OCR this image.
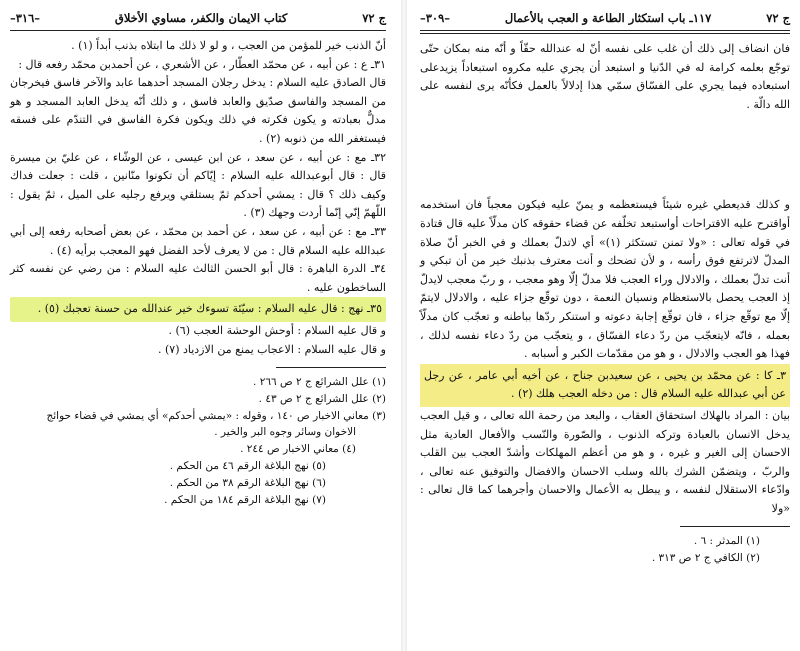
ج ٧٢
كتاب الايمان والكفر، مساوي الأخلاق
–٣١٦–

أنّ الذنب خير للمؤمن من العجب ، و لو لا ذلك ما ابتلاه بذنب أبداً (١) .

٣١ـ ع : عن أبيه ، عن محمّد العطّار ، عن الأشعري ، عن أحمدبن محمّد رفعه قال :

قال الصادق عليه السلام : يدخل رجلان المسجد أحدهما عابد والآخر فاسق فيخرجان من المسجد والفاسق صدّيق والعابد فاسق ، و ذلك أنّه يدخل العابد المسجد و هو مدلٌّ بعبادته و يكون فكرته في ذلك ويكون فكرة الفاسق في التندّم على فسقه فيستغفر الله من ذنوبه (٢) .

٣٢ـ مع : عن أبيه ، عن سعد ، عن ابن عيسى ، عن الوشّاء ، عن عليّ بن ميسرة قال : قال أبوعبدالله عليه السلام : إيّاكم أن تكونوا منّانين ، قلت : جعلت فداك وكيف ذلك ؟ قال : يمشي أحدكم ثمّ يستلقي ويرفع رجليه على الميل ، ثمّ يقول : اللّهمّ إنّي إنّما أردت وجهك (٣) .

٣٣ـ مع : عن أبيه ، عن سعد ، عن أحمد بن محمّد ، عن بعض أصحابه رفعه إلى أبي عبدالله عليه السلام قال : من لا يعرف لأحد الفضل فهو المعجب برأيه (٤) .

٣٤ـ الدرة الباهرة : قال أبو الحسن الثالث عليه السلام : من رضي عن نفسه كثر الساخطون عليه .

٣٥ـ نهج : قال عليه السلام : سيّئة تسوءك خير عندالله من حسنة تعجبك (٥) .

و قال عليه السلام : أوحش الوحشة العجب (٦) .

و قال عليه السلام : الاعجاب يمنع من الازدياد (٧) .

(١) علل الشرائع ج ٢ ص ٢٦٦ .
(٢) علل الشرائع ج ٢ ص ٤٣ .
(٣) معاني الاخبار ص ١٤٠ ، وقوله : «يمشي أحدكم» أي يمشي في قضاء حوائج
الاخوان وسائر وجوه البر والخير .
(٤) معاني الاخبار ص ٢٤٤ .
(٥) نهج البلاغة الرقم ٤٦ من الحكم .
(٦) نهج البلاغة الرقم ٣٨ من الحكم .
(٧) نهج البلاغة الرقم ١٨٤ من الحكم .
ج ٧٢
١١٧ـ باب استكثار الطاعة و العجب بالأعمال
–٣٠٩–

فان انضاف إلى ذلك أن غلب على نفسه أنّ له عندالله حقّاً و أنّه منه بمكان حتّى توجّع بعلمه كرامة له في الدّنيا و استبعد أن يجري عليه مكروه استبعاداً يزيدعلى استبعاده فيما يجري على الفسّاق سمّي هذا إدلالاً بالعمل فكأنّه يرى لنفسه على الله دالّة .

و كذلك قديعطي غيره شيئاً فيستعظمه و يمنّ عليه فيكون معجباً فان استخدمه أواقترح عليه الاقتراحات أواستبعد تخلّفه عن قضاء حقوقه كان مدلّاً عليه قال قتادة في قوله تعالى : «ولا تمنن تستكثر (١)» أي لاتدلّ بعملك و في الخبر أنّ صلاة المدلّ لاترتفع فوق رأسه ، و لأن تضحك و أنت معترف بذنبك خير من أن تبكي و أنت تدلّ بعملك ، والادلال وراء العجب فلا مدلّ إلّا وهو معجب ، و ربّ معجب لايدلّ إذ العجب يحصل بالاستعظام ونسيان النعمة ، دون توقّع جزاء عليه ، والادلال لايتمّ إلّا مع توقّع جزاء ، فان توقّع إجابة دعوته و استنكر ردّها بباطنه و تعجّب كان مدلّاً بعمله ، فانّه لايتعجّب من ردّ دعاء الفسّاق ، و يتعجّب من ردّ دعاء نفسه لذلك ، فهذا هو العجب والادلال ، و هو من مقدّمات الكبر و أسبابه .

٣ـ كا : عن محمّد بن يحيى ، عن سعيدبن جناح ، عن أخيه أبي عامر ، عن رجل عن أبي عبدالله عليه السلام قال : من دخله العجب هلك (٢) .

بيان : المراد بالهلاك استحقاق العقاب ، والبعد من رحمة الله تعالى ، و قيل العجب يدخل الانسان بالعبادة وتركه الذنوب ، والصّورة والنّسب والأفعال العادية مثل الاحسان إلى الغير و غيره ، و هو من أعظم المهلكات وأشدّ العجب بين القلب والربّ ، ويتضمّن الشرك بالله وسلب الاحسان والافضال والتوفيق عنه تعالى ، وادّعاء الاستقلال لنفسه ، و يبطل به الأعمال والاحسان وأجرهما كما قال تعالى : «ولا

(١) المدثر : ٦ .
(٢) الكافي ج ٢ ص ٣١٣ .
